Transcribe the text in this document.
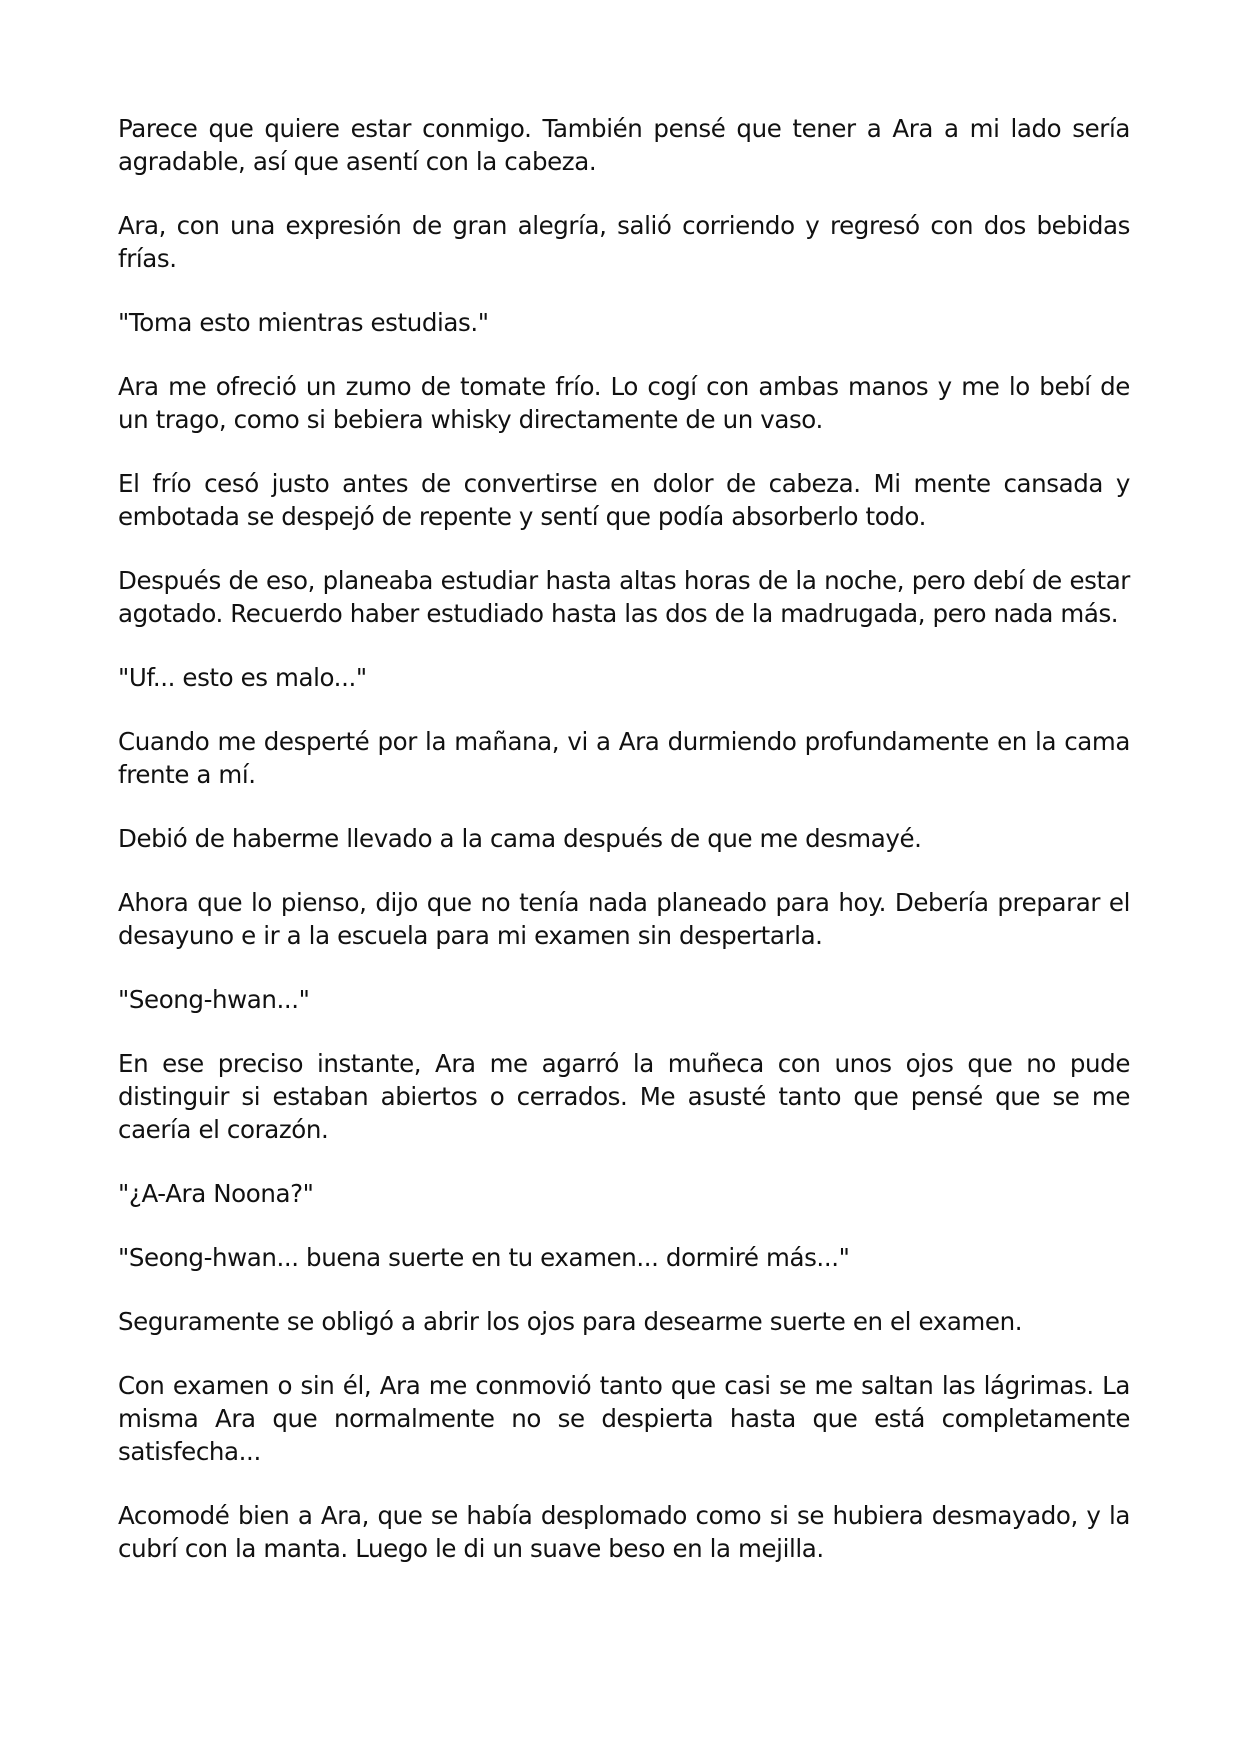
Parece que quiere estar conmigo. También pensé que tener a Ara a mi lado sería agradable, así que asentí con la cabeza.

Ara, con una expresión de gran alegría, salió corriendo y regresó con dos bebidas frías.

"Toma esto mientras estudias."

Ara me ofreció un zumo de tomate frío. Lo cogí con ambas manos y me lo bebí de un trago, como si bebiera whisky directamente de un vaso.

El frío cesó justo antes de convertirse en dolor de cabeza. Mi mente cansada y embotada se despejó de repente y sentí que podía absorberlo todo.

Después de eso, planeaba estudiar hasta altas horas de la noche, pero debí de estar agotado. Recuerdo haber estudiado hasta las dos de la madrugada, pero nada más.

"Uf... esto es malo..."

Cuando me desperté por la mañana, vi a Ara durmiendo profundamente en la cama frente a mí.

Debió de haberme llevado a la cama después de que me desmayé.

Ahora que lo pienso, dijo que no tenía nada planeado para hoy. Debería preparar el desayuno e ir a la escuela para mi examen sin despertarla.

"Seong-hwan..."

En ese preciso instante, Ara me agarró la muñeca con unos ojos que no pude distinguir si estaban abiertos o cerrados. Me asusté tanto que pensé que se me caería el corazón.

"¿A-Ara Noona?"

"Seong-hwan... buena suerte en tu examen... dormiré más..."

Seguramente se obligó a abrir los ojos para desearme suerte en el examen.

Con examen o sin él, Ara me conmovió tanto que casi se me saltan las lágrimas. La misma Ara que normalmente no se despierta hasta que está completamente satisfecha...

Acomodé bien a Ara, que se había desplomado como si se hubiera desmayado, y la cubrí con la manta. Luego le di un suave beso en la mejilla.
